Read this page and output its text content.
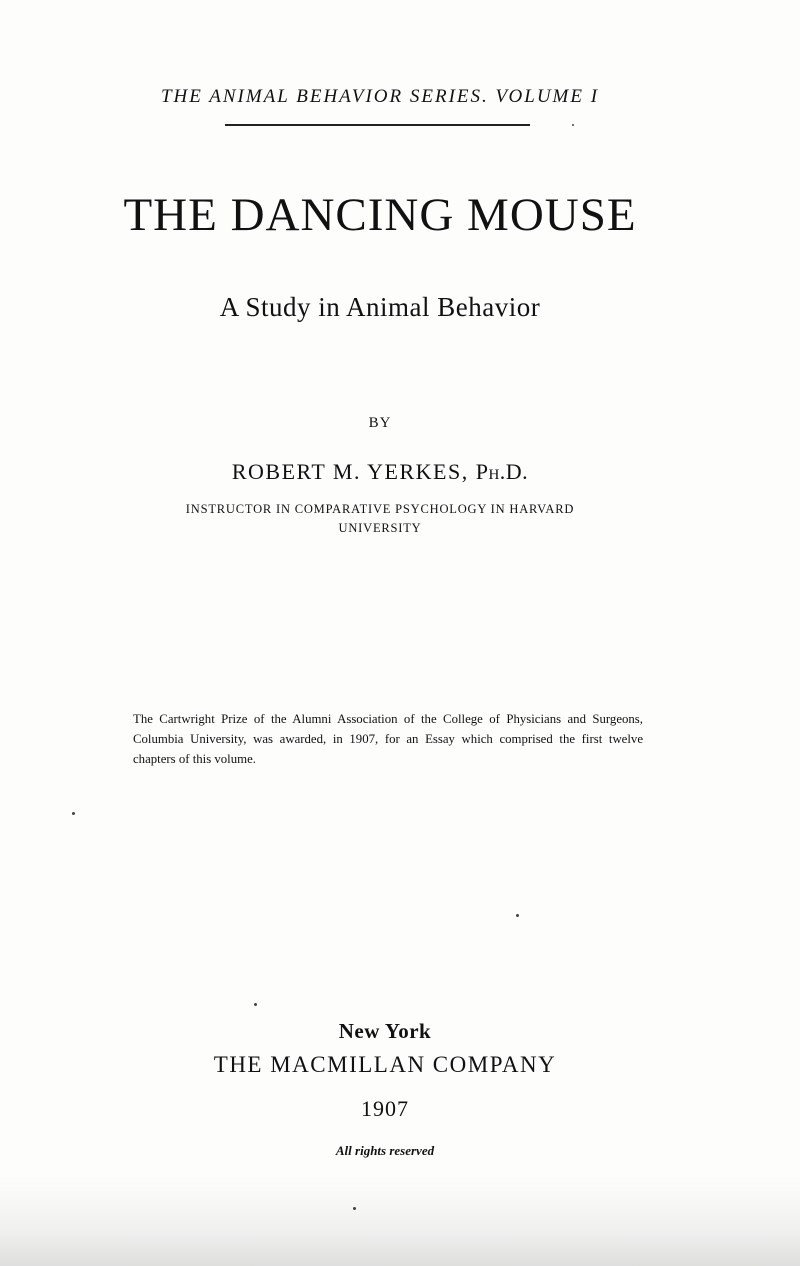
THE ANIMAL BEHAVIOR SERIES. VOLUME I
THE DANCING MOUSE
A Study in Animal Behavior
BY
ROBERT M. YERKES, Ph.D.
INSTRUCTOR IN COMPARATIVE PSYCHOLOGY IN HARVARD
UNIVERSITY
The Cartwright Prize of the Alumni Association of the College of Physicians and Surgeons, Columbia University, was awarded, in 1907, for an Essay which comprised the first twelve chapters of this volume.
New York
THE MACMILLAN COMPANY
1907
All rights reserved
